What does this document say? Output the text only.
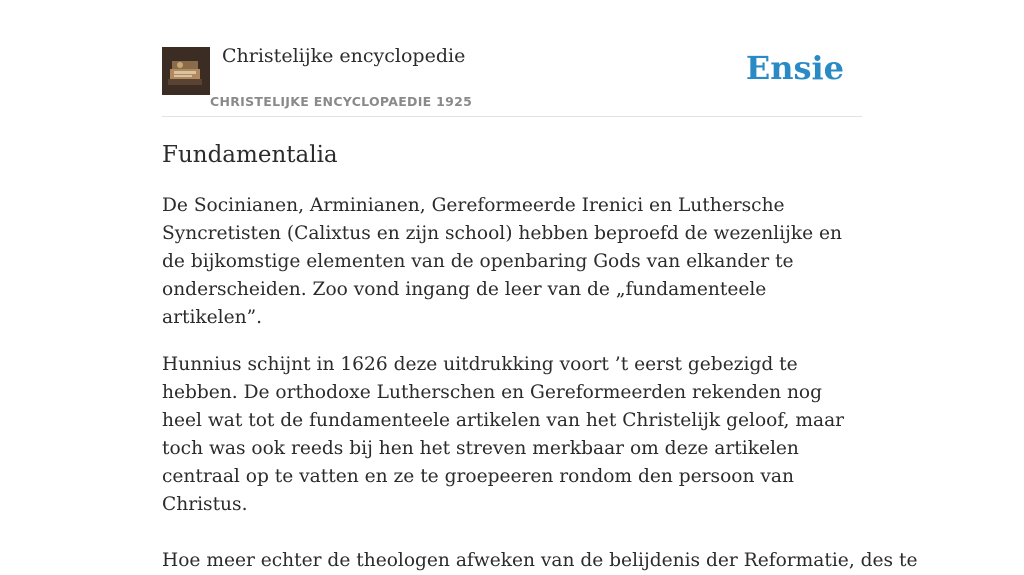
Christelijke encyclopedie
CHRISTELIJKE ENCYCLOPAEDIE 1925
Ensie
Fundamentalia

De Socinianen, Arminianen, Gereformeerde Irenici en Luthersche Syncretisten (Calixtus en zijn school) hebben beproefd de wezenlijke en de bijkomstige elementen van de openbaring Gods van elkander te onderscheiden. Zoo vond ingang de leer van de „fundamenteele artikelen”.

Hunnius schijnt in 1626 deze uitdrukking voort ’t eerst gebezigd te hebben. De orthodoxe Lutherschen en Gereformeerden rekenden nog heel wat tot de fundamenteele artikelen van het Christelijk geloof, maar toch was ook reeds bij hen het streven merkbaar om deze artikelen centraal op te vatten en ze te groepeeren rondom den persoon van Christus.

Hoe meer echter de theologen afweken van de belijdenis der Reformatie, des te
